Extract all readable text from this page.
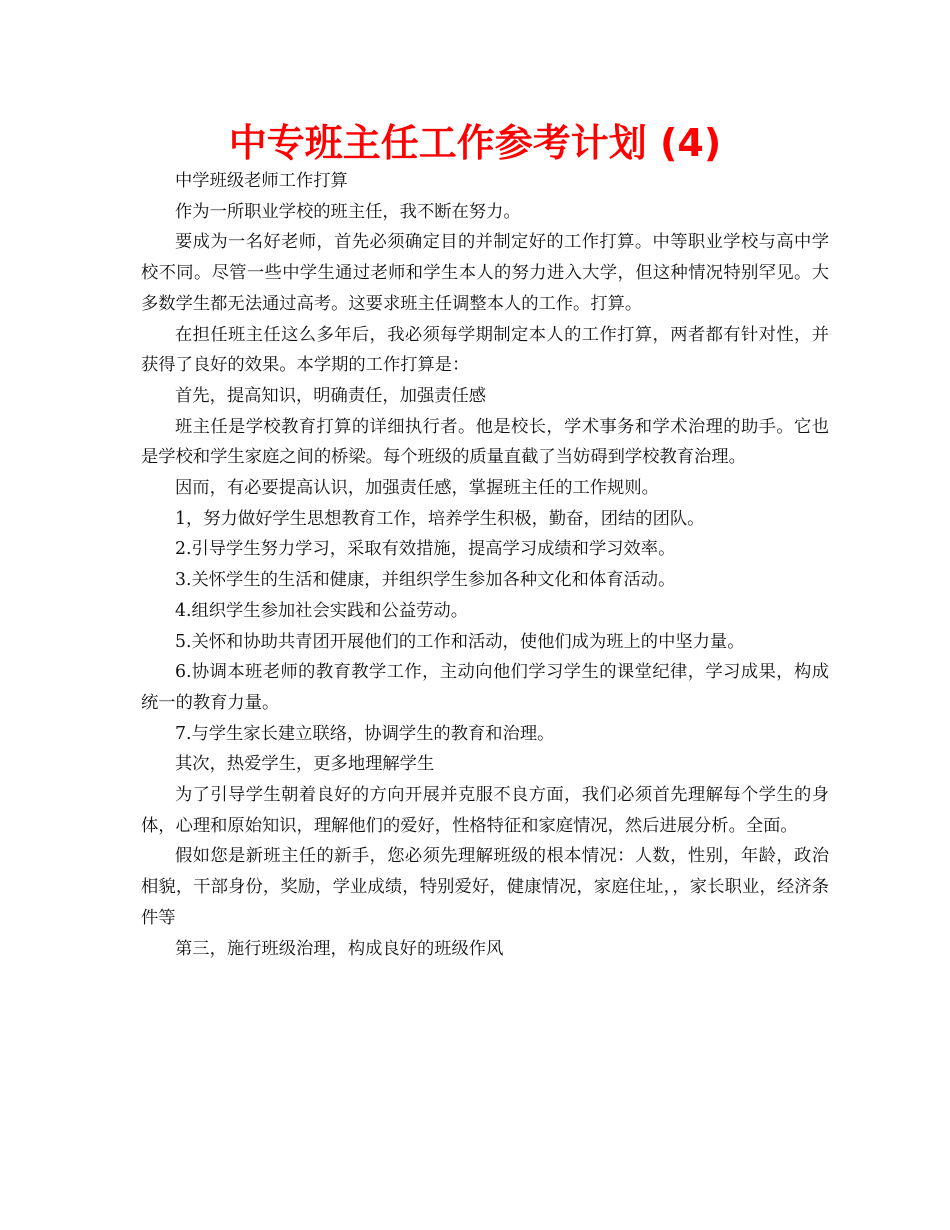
中专班主任工作参考计划 (4)

中学班级老师工作打算

作为一所职业学校的班主任，我不断在努力。

要成为一名好老师，首先必须确定目的并制定好的工作打算。中等职业学校与高中学校不同。尽管一些中学生通过老师和学生本人的努力进入大学，但这种情况特别罕见。大多数学生都无法通过高考。这要求班主任调整本人的工作。打算。

在担任班主任这么多年后，我必须每学期制定本人的工作打算，两者都有针对性，并获得了良好的效果。本学期的工作打算是：

首先，提高知识，明确责任，加强责任感

班主任是学校教育打算的详细执行者。他是校长，学术事务和学术治理的助手。它也是学校和学生家庭之间的桥梁。每个班级的质量直截了当妨碍到学校教育治理。

因而，有必要提高认识，加强责任感，掌握班主任的工作规则。

1，努力做好学生思想教育工作，培养学生积极，勤奋，团结的团队。

2.引导学生努力学习，采取有效措施，提高学习成绩和学习效率。

3.关怀学生的生活和健康，并组织学生参加各种文化和体育活动。

4.组织学生参加社会实践和公益劳动。

5.关怀和协助共青团开展他们的工作和活动，使他们成为班上的中坚力量。

6.协调本班老师的教育教学工作，主动向他们学习学生的课堂纪律，学习成果，构成统一的教育力量。

7.与学生家长建立联络，协调学生的教育和治理。

其次，热爱学生，更多地理解学生

为了引导学生朝着良好的方向开展并克服不良方面，我们必须首先理解每个学生的身体，心理和原始知识，理解他们的爱好，性格特征和家庭情况，然后进展分析。全面。

假如您是新班主任的新手，您必须先理解班级的根本情况：人数，性别，年龄，政治相貌，干部身份，奖励，学业成绩，特别爱好，健康情况，家庭住址，，家长职业，经济条件等

第三，施行班级治理，构成良好的班级作风
